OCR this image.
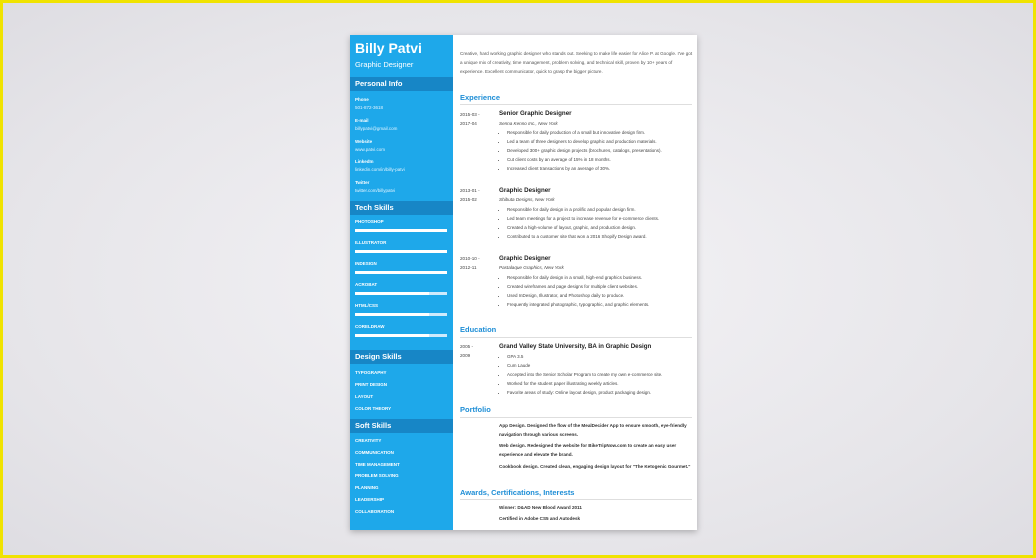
Billy Patvi
Graphic Designer
Personal Info
Phone
501-872-3618
E-mail
billypatvi@gmail.com
Website
www.patvi.com
LinkedIn
linkedin.com/in/billy-patvi
Twitter
twitter.com/billypatvi
Tech Skills
PHOTOSHOP
ILLUSTRATOR
INDESIGN
ACROBAT
HTML/CSS
CORELDRAW
Design Skills
TYPOGRAPHY
PRINT DESIGN
LAYOUT
COLOR THEORY
Soft Skills
CREATIVITY
COMMUNICATION
TIME MANAGEMENT
PROBLEM SOLVING
PLANNING
LEADERSHIP
COLLABORATION
Creative, hard working graphic designer who stands out. Seeking to make life easier for Alice P. at Google. I've got a unique mix of creativity, time management, problem solving, and technical skill, proven by 10+ years of experience. Excellent communicator, quick to grasp the bigger picture.
Experience
2015-03 -
2017-04
Senior Graphic Designer
Senna Kenno Inc., New York
• Responsible for daily production of a small but innovative design firm.
• Led a team of three designers to develop graphic and production materials.
• Developed 300+ graphic design projects (brochures, catalogs, presentations).
• Cut client costs by an average of 15% in 18 months.
• Increased client transactions by an average of 30%.
2013-01 -
2015-02
Graphic Designer
Shibuta Designs, New York
• Responsible for daily design in a prolific and popular design firm.
• Led team meetings for a project to increase revenue for e-commerce clients.
• Created a high-volume of layout, graphic, and production design.
• Contributed to a customer site that won a 2016 Shopify Design award.
2010-10 -
2012-11
Graphic Designer
Pastalaque Graphics, New York
• Responsible for daily design in a small, high-end graphics business.
• Created wireframes and page designs for multiple client websites.
• Used InDesign, Illustrator, and Photoshop daily to produce.
• Frequently integrated photographic, typographic, and graphic elements.
Education
2005 -
2009
Grand Valley State University, BA in Graphic Design
• GPA 3.5
• Cum Laude
• Accepted into the Senior Scholar Program to create my own e-commerce site.
• Worked for the student paper illustrating weekly articles.
• Favorite areas of study: Online layout design, product packaging design.
Portfolio
App Design. Designed the flow of the MealDecider App to ensure smooth, eye-friendly navigation through various screens.
Web design. Redesigned the website for BikeTripNow.com to create an easy user experience and elevate the brand.
Cookbook design. Created clean, engaging design layout for "The Ketogenic Gourmet."
Awards, Certifications, Interests
Winner: D&AD New Blood Award 2011
Certified in Adobe CS5 and Autodesk
